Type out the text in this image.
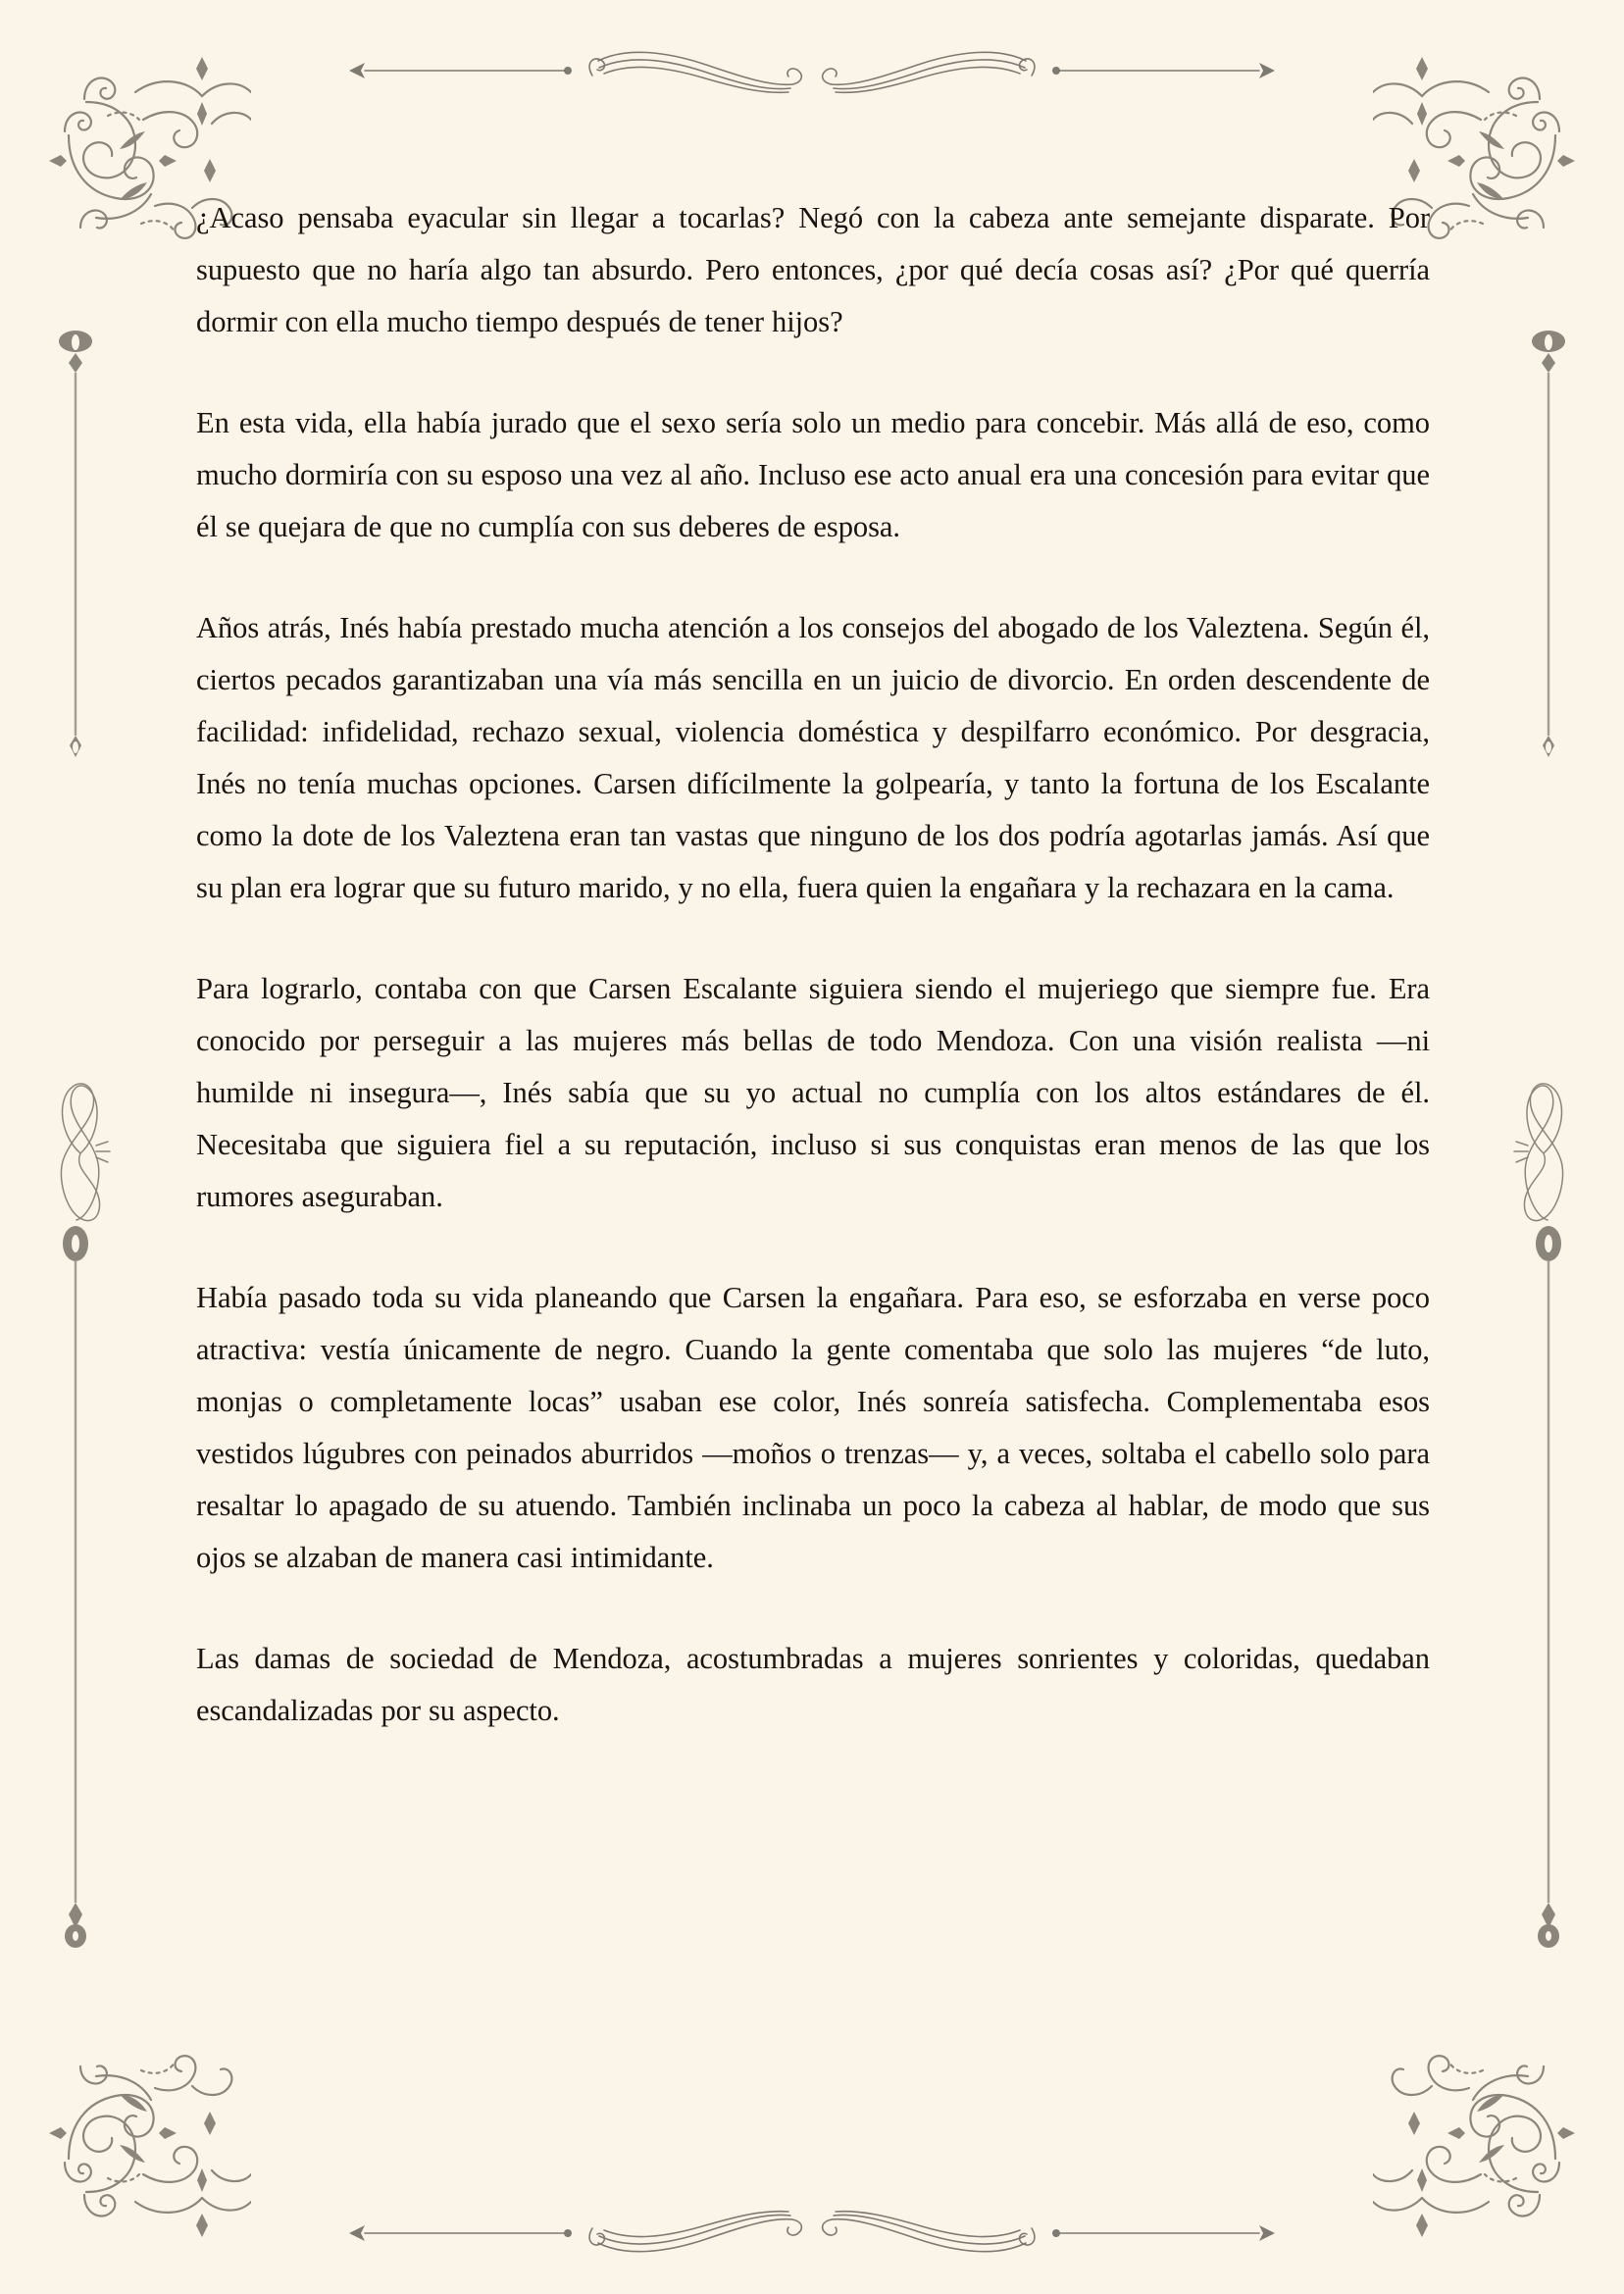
¿Acaso pensaba eyacular sin llegar a tocarlas? Negó con la cabeza ante semejante disparate. Por supuesto que no haría algo tan absurdo. Pero entonces, ¿por qué decía cosas así? ¿Por qué querría dormir con ella mucho tiempo después de tener hijos?

En esta vida, ella había jurado que el sexo sería solo un medio para concebir. Más allá de eso, como mucho dormiría con su esposo una vez al año. Incluso ese acto anual era una concesión para evitar que él se quejara de que no cumplía con sus deberes de esposa.

Años atrás, Inés había prestado mucha atención a los consejos del abogado de los Valeztena. Según él, ciertos pecados garantizaban una vía más sencilla en un juicio de divorcio. En orden descendente de facilidad: infidelidad, rechazo sexual, violencia doméstica y despilfarro económico. Por desgracia, Inés no tenía muchas opciones. Carsen difícilmente la golpearía, y tanto la fortuna de los Escalante como la dote de los Valeztena eran tan vastas que ninguno de los dos podría agotarlas jamás. Así que su plan era lograr que su futuro marido, y no ella, fuera quien la engañara y la rechazara en la cama.

Para lograrlo, contaba con que Carsen Escalante siguiera siendo el mujeriego que siempre fue. Era conocido por perseguir a las mujeres más bellas de todo Mendoza. Con una visión realista —ni humilde ni insegura—, Inés sabía que su yo actual no cumplía con los altos estándares de él. Necesitaba que siguiera fiel a su reputación, incluso si sus conquistas eran menos de las que los rumores aseguraban.

Había pasado toda su vida planeando que Carsen la engañara. Para eso, se esforzaba en verse poco atractiva: vestía únicamente de negro. Cuando la gente comentaba que solo las mujeres “de luto, monjas o completamente locas” usaban ese color, Inés sonreía satisfecha. Complementaba esos vestidos lúgubres con peinados aburridos —moños o trenzas— y, a veces, soltaba el cabello solo para resaltar lo apagado de su atuendo. También inclinaba un poco la cabeza al hablar, de modo que sus ojos se alzaban de manera casi intimidante.

Las damas de sociedad de Mendoza, acostumbradas a mujeres sonrientes y coloridas, quedaban escandalizadas por su aspecto.
